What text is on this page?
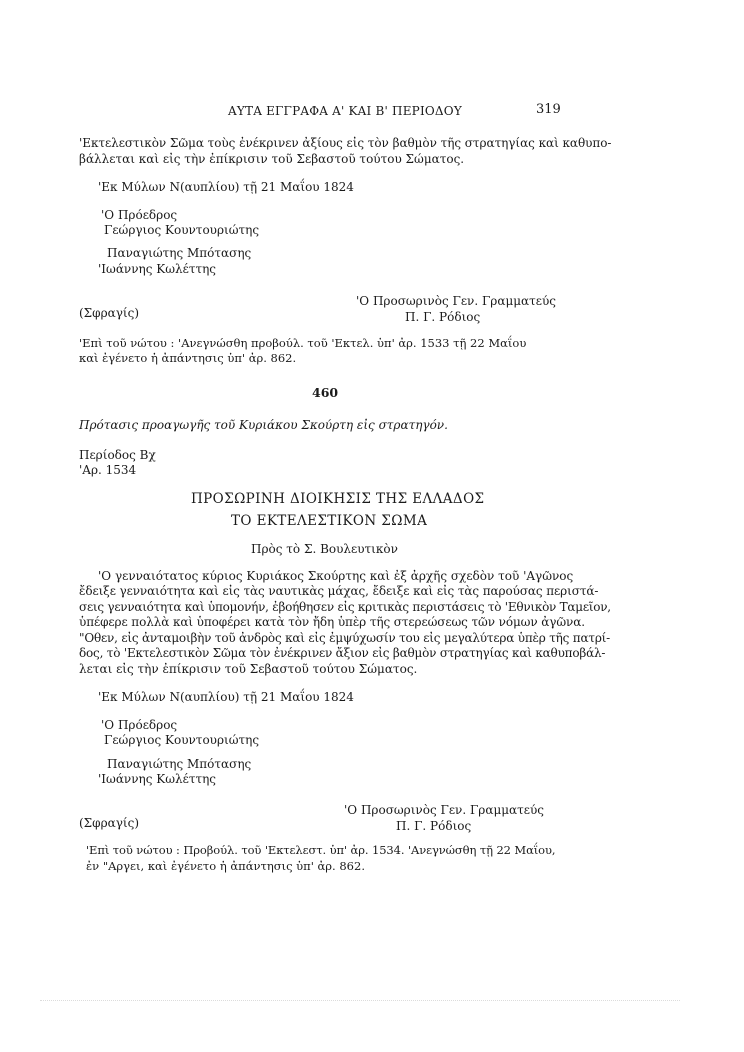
ΑΥΤΑ ΕΓΓΡΑΦΑ Α' ΚΑΙ Β' ΠΕΡΙΟΔΟΥ	319
'Εκτελεστικὸν Σῶμα τοὺς ἐνέκρινεν ἀξίους εἰς τὸν βαθμὸν τῆς στρατηγίας καὶ καθυπο-
βάλλεται καὶ εἰς τὴν ἐπίκρισιν τοῦ Σεβαστοῦ τούτου Σώματος.
'Εκ Μύλων Ν(αυπλίου) τῇ 21 Μαΐου 1824
'Ο Πρόεδρος
Γεώργιος Κουντουριώτης
Παναγιώτης Μπότασης
'Ιωάννης Κωλέττης
'Ο Προσωρινὸς Γεν. Γραμματεύς
(Σφραγίς)	Π. Γ. Ρόδιος
'Επὶ τοῦ νώτου : 'Ανεγνώσθη προβούλ. τοῦ 'Εκτελ. ὑπ' ἀρ. 1533 τῇ 22 Μαΐου
καὶ ἐγένετο ἡ ἀπάντησις ὑπ' ἀρ. 862.
460
Πρότασις προαγωγῆς τοῦ Κυριάκου Σκούρτη εἰς στρατηγόν.
Περίοδος Βχ
'Αρ. 1534
ΠΡΟΣΩΡΙΝΗ ΔΙΟΙΚΗΣΙΣ ΤΗΣ ΕΛΛΑΔΟΣ
ΤΟ ΕΚΤΕΛΕΣΤΙΚΟΝ ΣΩΜΑ
Πρὸς τὸ Σ. Βουλευτικὸν
'Ο γενναιότατος κύριος Κυριάκος Σκούρτης καὶ ἐξ ἀρχῆς σχεδὸν τοῦ 'Αγῶνος
ἔδειξε γενναιότητα καὶ εἰς τὰς ναυτικὰς μάχας, ἔδειξε καὶ εἰς τὰς παρούσας περιστά-
σεις γενναιότητα καὶ ὑπομονήν, ἐβοήθησεν εἰς κριτικὰς περιστάσεις τὸ 'Εθνικὸν Ταμεῖον,
ὑπέφερε πολλὰ καὶ ὑποφέρει κατὰ τὸν ἤδη ὑπὲρ τῆς στερεώσεως τῶν νόμων ἀγῶνα.
"Οθεν, εἰς ἀνταμοιβὴν τοῦ ἀνδρὸς καὶ εἰς ἐμψύχωσίν του εἰς μεγαλύτερα ὑπὲρ τῆς πατρί-
δος, τὸ 'Εκτελεστικὸν Σῶμα τὸν ἐνέκρινεν ἄξιον εἰς βαθμὸν στρατηγίας καὶ καθυποβάλ-
λεται εἰς τὴν ἐπίκρισιν τοῦ Σεβαστοῦ τούτου Σώματος.
'Εκ Μύλων Ν(αυπλίου) τῇ 21 Μαΐου 1824
'Ο Πρόεδρος
Γεώργιος Κουντουριώτης
Παναγιώτης Μπότασης
'Ιωάννης Κωλέττης
'Ο Προσωρινὸς Γεν. Γραμματεύς
(Σφραγίς)	Π. Γ. Ρόδιος
'Επὶ τοῦ νώτου : Προβούλ. τοῦ 'Εκτελεστ. ὑπ' ἀρ. 1534. 'Ανεγνώσθη τῇ 22 Μαΐου,
ἐν "Αργει, καὶ ἐγένετο ἡ ἀπάντησις ὑπ' ἀρ. 862.
